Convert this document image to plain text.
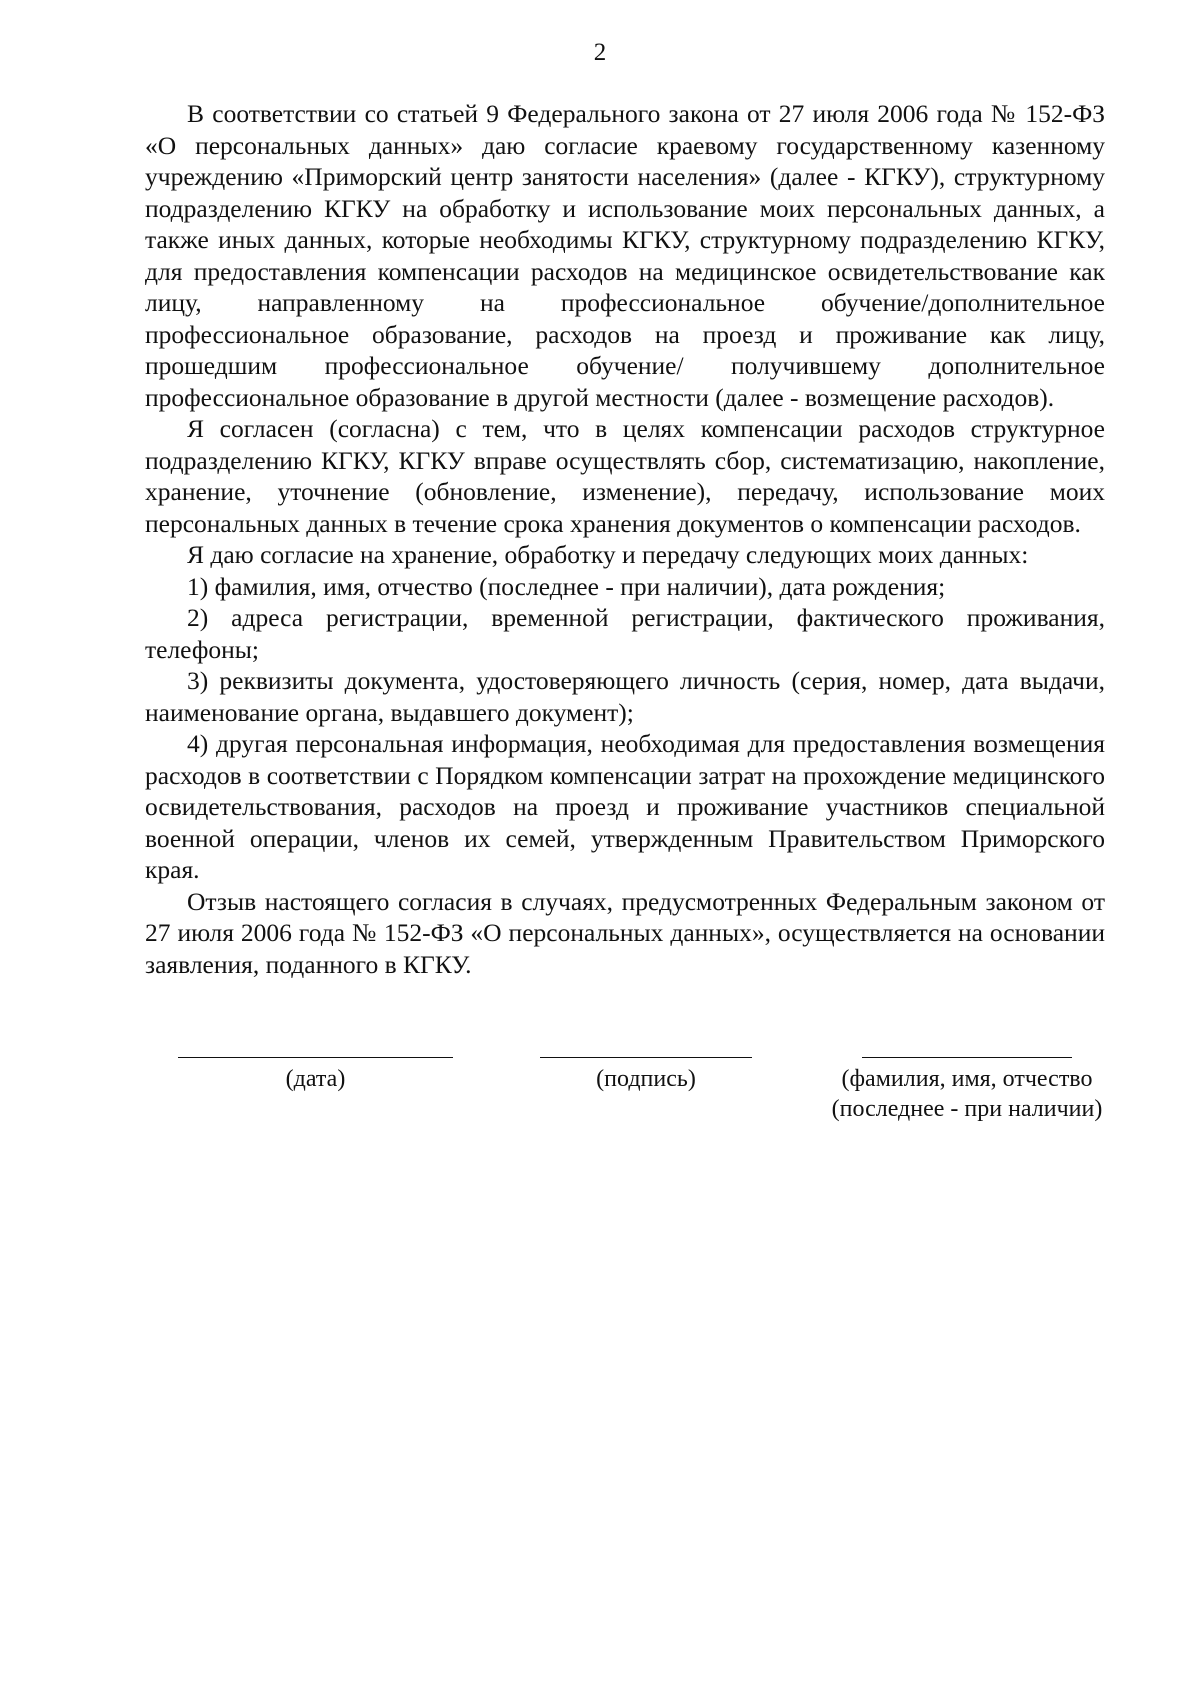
2

В соответствии со статьей 9 Федерального закона от 27 июля 2006 года № 152-ФЗ «О персональных данных» даю согласие краевому государственному казенному учреждению «Приморский центр занятости населения» (далее - КГКУ), структурному подразделению КГКУ на обработку и использование моих персональных данных, а также иных данных, которые необходимы КГКУ, структурному подразделению КГКУ, для предоставления компенсации расходов на медицинское освидетельствование как лицу, направленному на профессиональное обучение/дополнительное профессиональное образование, расходов на проезд и проживание как лицу, прошедшим профессиональное обучение/ получившему дополнительное профессиональное образование в другой местности (далее - возмещение расходов).

Я согласен (согласна) с тем, что в целях компенсации расходов структурное подразделению КГКУ, КГКУ вправе осуществлять сбор, систематизацию, накопление, хранение, уточнение (обновление, изменение), передачу, использование моих персональных данных в течение срока хранения документов о компенсации расходов.

Я даю согласие на хранение, обработку и передачу следующих моих данных:

1) фамилия, имя, отчество (последнее - при наличии), дата рождения;

2) адреса регистрации, временной регистрации, фактического проживания, телефоны;

3) реквизиты документа, удостоверяющего личность (серия, номер, дата выдачи, наименование органа, выдавшего документ);

4) другая персональная информация, необходимая для предоставления возмещения расходов в соответствии с Порядком компенсации затрат на прохождение медицинского освидетельствования, расходов на проезд и проживание участников специальной военной операции, членов их семей, утвержденным Правительством Приморского края.

Отзыв настоящего согласия в случаях, предусмотренных Федеральным законом от 27 июля 2006 года № 152-ФЗ «О персональных данных», осуществляется на основании заявления, поданного в КГКУ.

(дата)	(подпись)	(фамилия, имя, отчество
(последнее - при наличии)
